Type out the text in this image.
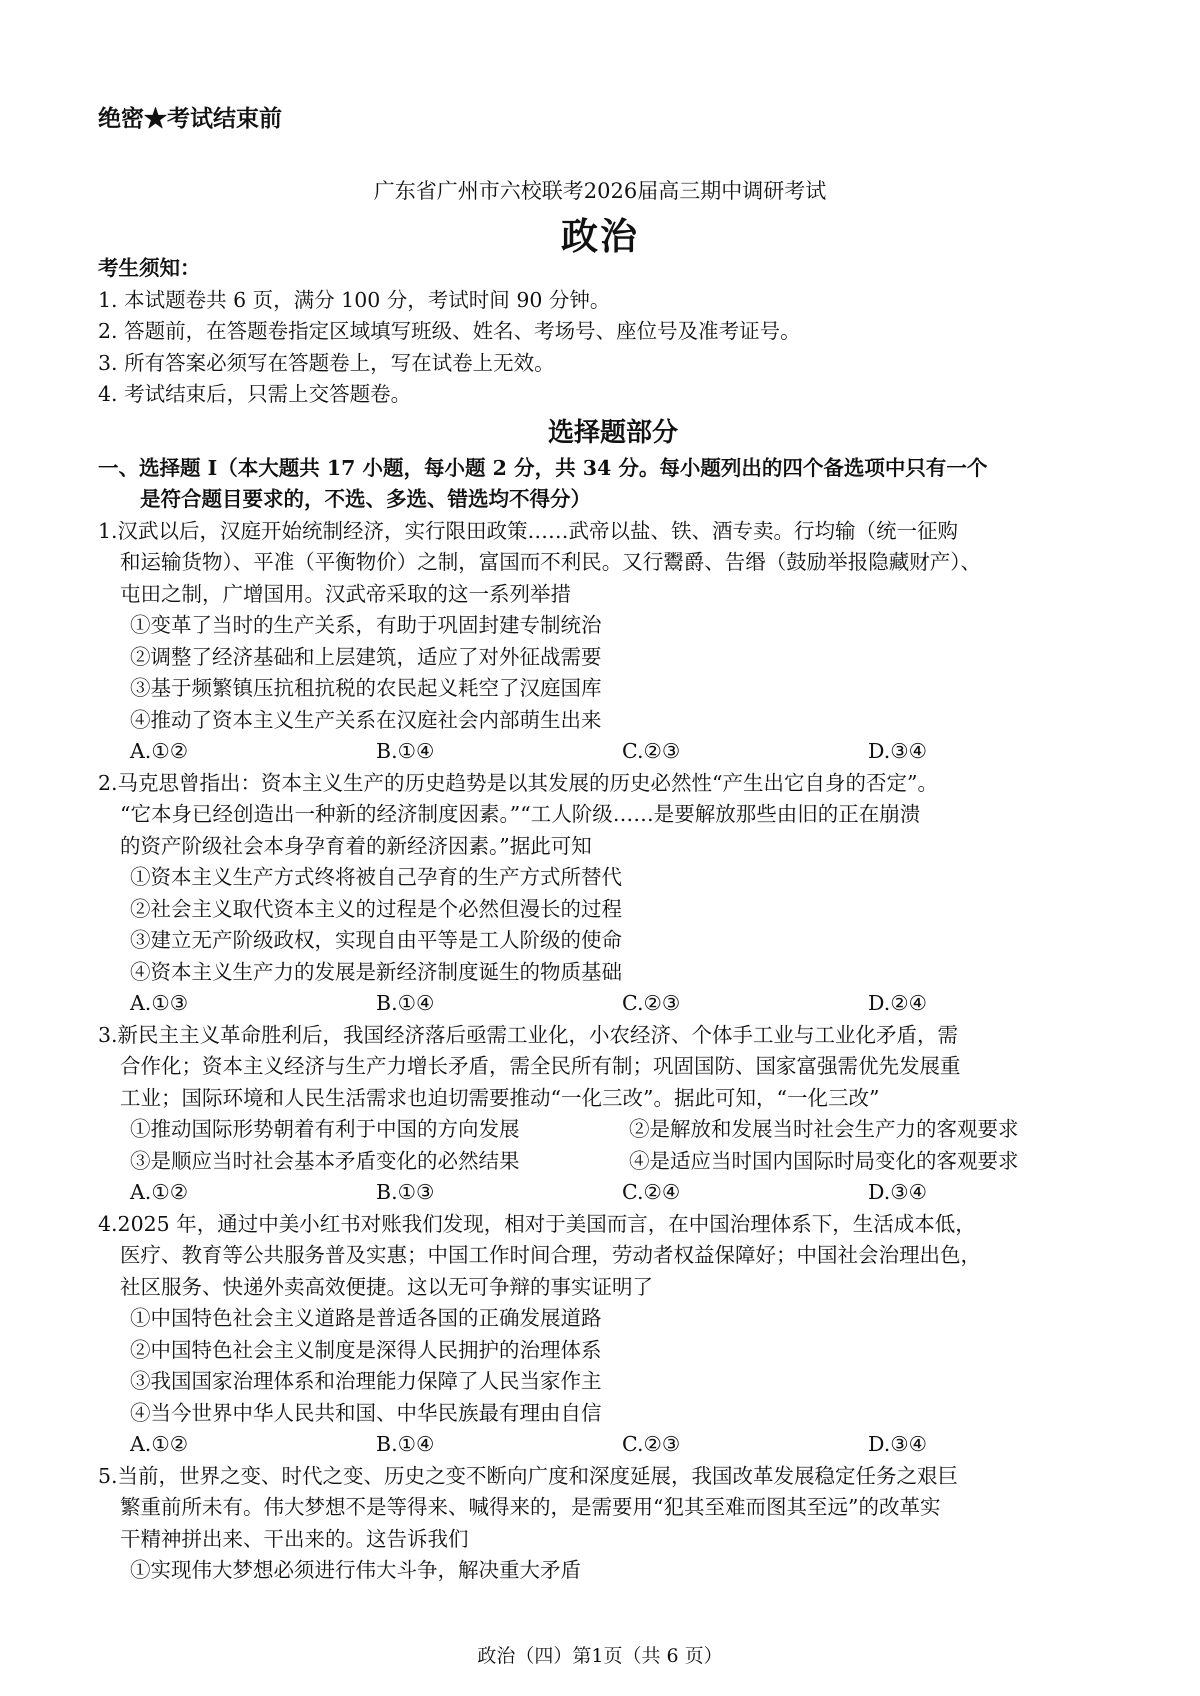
绝密★考试结束前
广东省广州市六校联考2026届高三期中调研考试
政治
考生须知：
1. 本试题卷共 6 页，满分 100 分，考试时间 90 分钟。
2. 答题前，在答题卷指定区域填写班级、姓名、考场号、座位号及准考证号。
3. 所有答案必须写在答题卷上，写在试卷上无效。
4. 考试结束后，只需上交答题卷。
选择题部分
一、选择题 I（本大题共 17 小题，每小题 2 分，共 34 分。每小题列出的四个备选项中只有一个
是符合题目要求的，不选、多选、错选均不得分）
1.汉武以后，汉庭开始统制经济，实行限田政策……武帝以盐、铁、酒专卖。行均输（统一征购
和运输货物）、平准（平衡物价）之制，富国而不利民。又行鬻爵、告缗（鼓励举报隐藏财产）、
屯田之制，广增国用。汉武帝采取的这一系列举措
①变革了当时的生产关系，有助于巩固封建专制统治
②调整了经济基础和上层建筑，适应了对外征战需要
③基于频繁镇压抗租抗税的农民起义耗空了汉庭国库
④推动了资本主义生产关系在汉庭社会内部萌生出来
A.①②	B.①④	C.②③	D.③④
2.马克思曾指出：资本主义生产的历史趋势是以其发展的历史必然性“产生出它自身的否定”。
“它本身已经创造出一种新的经济制度因素。”“工人阶级……是要解放那些由旧的正在崩溃
的资产阶级社会本身孕育着的新经济因素。”据此可知
①资本主义生产方式终将被自己孕育的生产方式所替代
②社会主义取代资本主义的过程是个必然但漫长的过程
③建立无产阶级政权，实现自由平等是工人阶级的使命
④资本主义生产力的发展是新经济制度诞生的物质基础
A.①③	B.①④	C.②③	D.②④
3.新民主主义革命胜利后，我国经济落后亟需工业化，小农经济、个体手工业与工业化矛盾，需
合作化；资本主义经济与生产力增长矛盾，需全民所有制；巩固国防、国家富强需优先发展重
工业；国际环境和人民生活需求也迫切需要推动“一化三改”。据此可知，“一化三改”
①推动国际形势朝着有利于中国的方向发展	②是解放和发展当时社会生产力的客观要求
③是顺应当时社会基本矛盾变化的必然结果	④是适应当时国内国际时局变化的客观要求
A.①②	B.①③	C.②④	D.③④
4.2025 年，通过中美小红书对账我们发现，相对于美国而言，在中国治理体系下，生活成本低，
医疗、教育等公共服务普及实惠；中国工作时间合理，劳动者权益保障好；中国社会治理出色，
社区服务、快递外卖高效便捷。这以无可争辩的事实证明了
①中国特色社会主义道路是普适各国的正确发展道路
②中国特色社会主义制度是深得人民拥护的治理体系
③我国国家治理体系和治理能力保障了人民当家作主
④当今世界中华人民共和国、中华民族最有理由自信
A.①②	B.①④	C.②③	D.③④
5.当前，世界之变、时代之变、历史之变不断向广度和深度延展，我国改革发展稳定任务之艰巨
繁重前所未有。伟大梦想不是等得来、喊得来的，是需要用“犯其至难而图其至远”的改革实
干精神拼出来、干出来的。这告诉我们
①实现伟大梦想必须进行伟大斗争，解决重大矛盾
政治（四）第1页（共 6 页）
